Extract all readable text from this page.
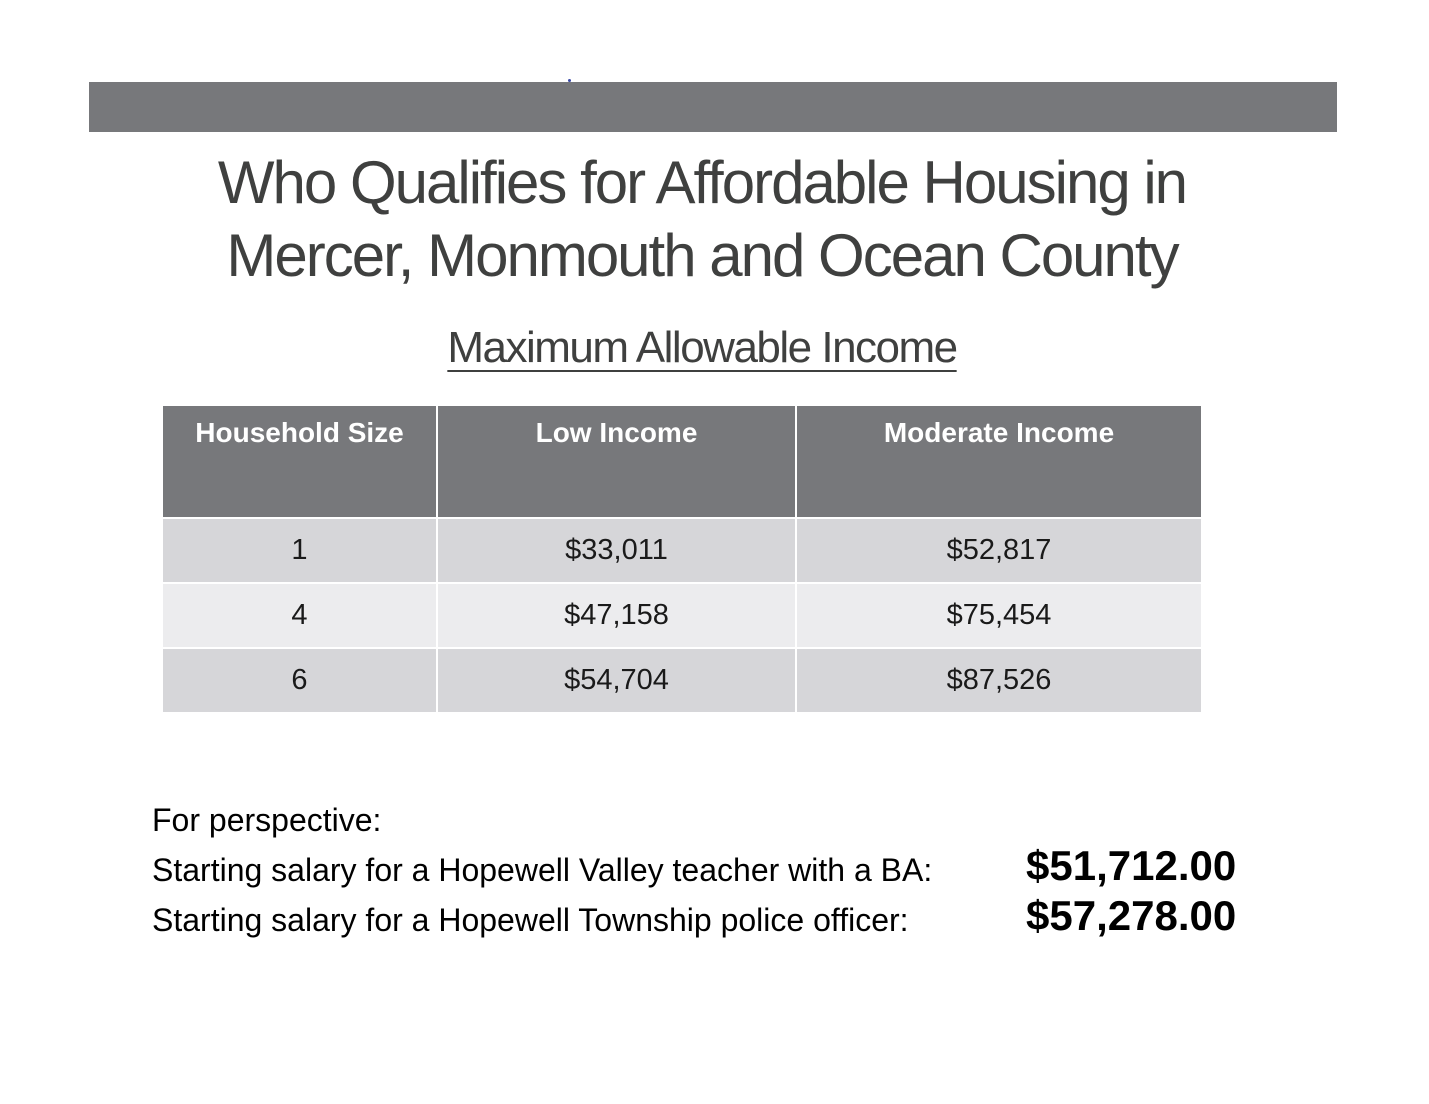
Who Qualifies for Affordable Housing in
Mercer, Monmouth and Ocean County
Maximum Allowable Income
Household Size	Low Income	Moderate Income
1	$33,011	$52,817
4	$47,158	$75,454
6	$54,704	$87,526
For perspective:
Starting salary for a Hopewell Valley teacher with a BA: $51,712.00
Starting salary for a Hopewell Township police officer:	$57,278.00
